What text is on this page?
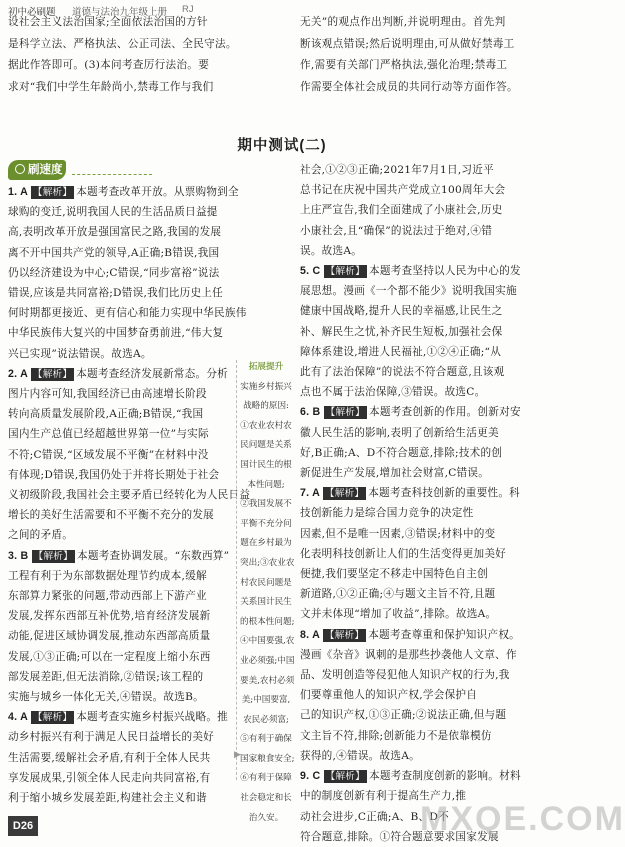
初中必刷题 道德与法治九年级上册 RJ
设社会主义法治国家;全面依法治国的方针
是科学立法、严格执法、公正司法、全民守法。
据此作答即可。(3)本问考查厉行法治。要
求对“我们中学生年龄尚小,禁毒工作与我们
无关”的观点作出判断,并说明理由。首先判
断该观点错误;然后说明理由,可从做好禁毒工
作,需要有关部门严格执法,强化治理;禁毒工
作需要全体社会成员的共同行动等方面作答。
期中测试(二)
刷速度
1. A 【 解析 】 本题考查改革开放。从票购物到全
球购的变迁,说明我国人民的生活品质日益提
高,表明改革开放是强国富民之路,我国的发展
离不开中国共产党的领导,A正确;B错误,我国
仍以经济建设为中心;C错误,“同步富裕”说法
错误,应该是共同富裕;D错误,我们比历史上任
何时期都更接近、更有信心和能力实现中华民族伟
中华民族伟大复兴的中国梦奋勇前进,“伟大复
兴已实现”说法错误。故选A。
2. A 【 解析 】 本题考查经济发展新常态。分析
图片内容可知,我国经济已由高速增长阶段
转向高质量发展阶段,A正确;B错误,“我国
国内生产总值已经超越世界第一位”与实际
不符;C错误,“区域发展不平衡”在材料中没
有体现;D错误,我国仍处于并将长期处于社会
义初级阶段,我国社会主要矛盾已经转化为人民日益
增长的美好生活需要和不平衡不充分的发展
之间的矛盾。
3. B 【 解析 】 本题考查协调发展。“东数西算”
工程有利于为东部数据处理节约成本,缓解
东部算力紧张的问题,带动西部上下游产业
发展,发挥东西部互补优势,培育经济发展新
动能,促进区域协调发展,推动东西部高质量
发展,①③正确;可以在一定程度上缩小东西
部发展差距,但无法消除,②错误;该工程的
实施与城乡一体化无关,④错误。故选B。
4. A 【 解析 】 本题考查实施乡村振兴战略。推
动乡村振兴有利于满足人民日益增长的美好
生活需要,缓解社会矛盾,有利于全体人民共
享发展成果,引领全体人民走向共同富裕,有
利于缩小城乡发展差距,构建社会主义和谐
拓展提升
实施乡村振兴
战略的原因:
①农业农村农
民问题是关系
国计民生的根
本性问题;
②我国发展不
平衡不充分问
题在乡村最为
突出;③农业农
村农民问题是
关系国计民生
的根本性问题;
④中国要强,农
业必须强;中国
要美,农村必须
美;中国要富,
农民必须富;
⑤有利于确保
国家粮食安全;
⑥有利于保障
社会稳定和长
治久安。
社会,①②③正确;2021年7月1日,习近平
总书记在庆祝中国共产党成立100周年大会
上庄严宣告,我们全面建成了小康社会,历史
小康社会,且“确保”的说法过于绝对,④错
误。故选A。
5. C 【 解析 】 本题考查坚持以人民为中心的发
展思想。漫画《一个都不能少》说明我国实施
健康中国战略,提升人民的幸福感,让民生之
补、解民生之忧,补齐民生短板,加强社会保
障体系建设,增进人民福祉,①②④正确;“从
此有了法治保障”的说法不符合题意,且该观
点也不属于法治保障,③错误。故选C。
6. B 【 解析 】 本题考查创新的作用。创新对安
徽人民生活的影响,表明了创新给生活更美
好,B正确;A、D不符合题意,排除;技术的创
新促进生产发展,增加社会财富,C错误。
7. A 【 解析 】 本题考查科技创新的重要性。科
技创新能力是综合国力竞争的决定性
因素,但不是唯一因素,③错误;材料中的变
化表明科技创新让人们的生活变得更加美好
便捷,我们要坚定不移走中国特色自主创
新道路,①②正确;④与题文主旨不符,且题
文并未体现“增加了收益”,排除。故选A。
8. A 【 解析 】 本题考查尊重和保护知识产权。
漫画《杂音》讽刺的是那些抄袭他人文章、作
品、发明创造等侵犯他人知识产权的行为,我
们要尊重他人的知识产权,学会保护自
己的知识产权,①③正确;②说法正确,但与题
文主旨不符,排除;创新能力不是依靠模仿
获得的,④错误。故选A。
9. C 【 解析 】 本题考查制度创新的影响。材料
中的制度创新有利于提高生产力,推
动社会进步,C正确;A、B、D不
符合题意,排除。①符合题意要求国家发展
▶
D26	MXQE.COM
